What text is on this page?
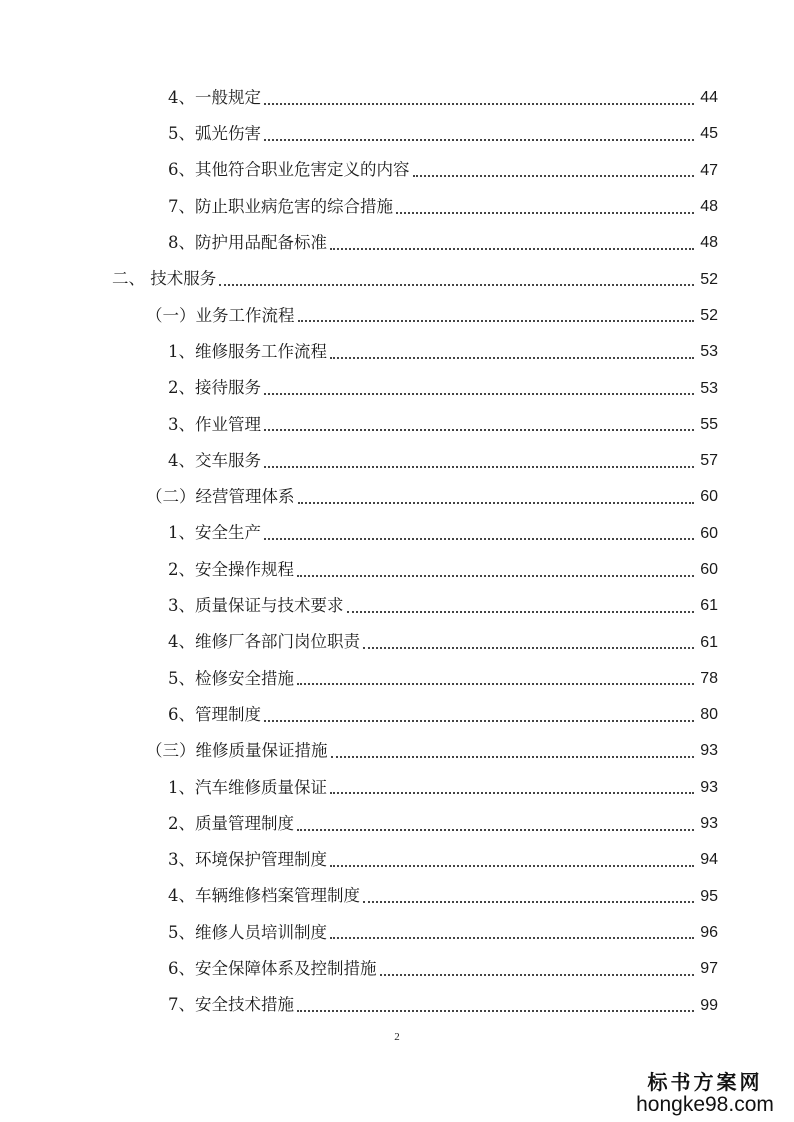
4、一般规定	44
5、弧光伤害	45
6、其他符合职业危害定义的内容	47
7、防止职业病危害的综合措施	48
8、防护用品配备标准	48
二、 技术服务	52
（一）业务工作流程	52
1、维修服务工作流程	53
2、接待服务	53
3、作业管理	55
4、交车服务	57
（二）经营管理体系	60
1、安全生产	60
2、安全操作规程	60
3、质量保证与技术要求	61
4、维修厂各部门岗位职责	61
5、检修安全措施	78
6、管理制度	80
（三）维修质量保证措施	93
1、汽车维修质量保证	93
2、质量管理制度	93
3、环境保护管理制度	94
4、车辆维修档案管理制度	95
5、维修人员培训制度	96
6、安全保障体系及控制措施	97
7、安全技术措施	99
2
标书方案网
hongke98.com
